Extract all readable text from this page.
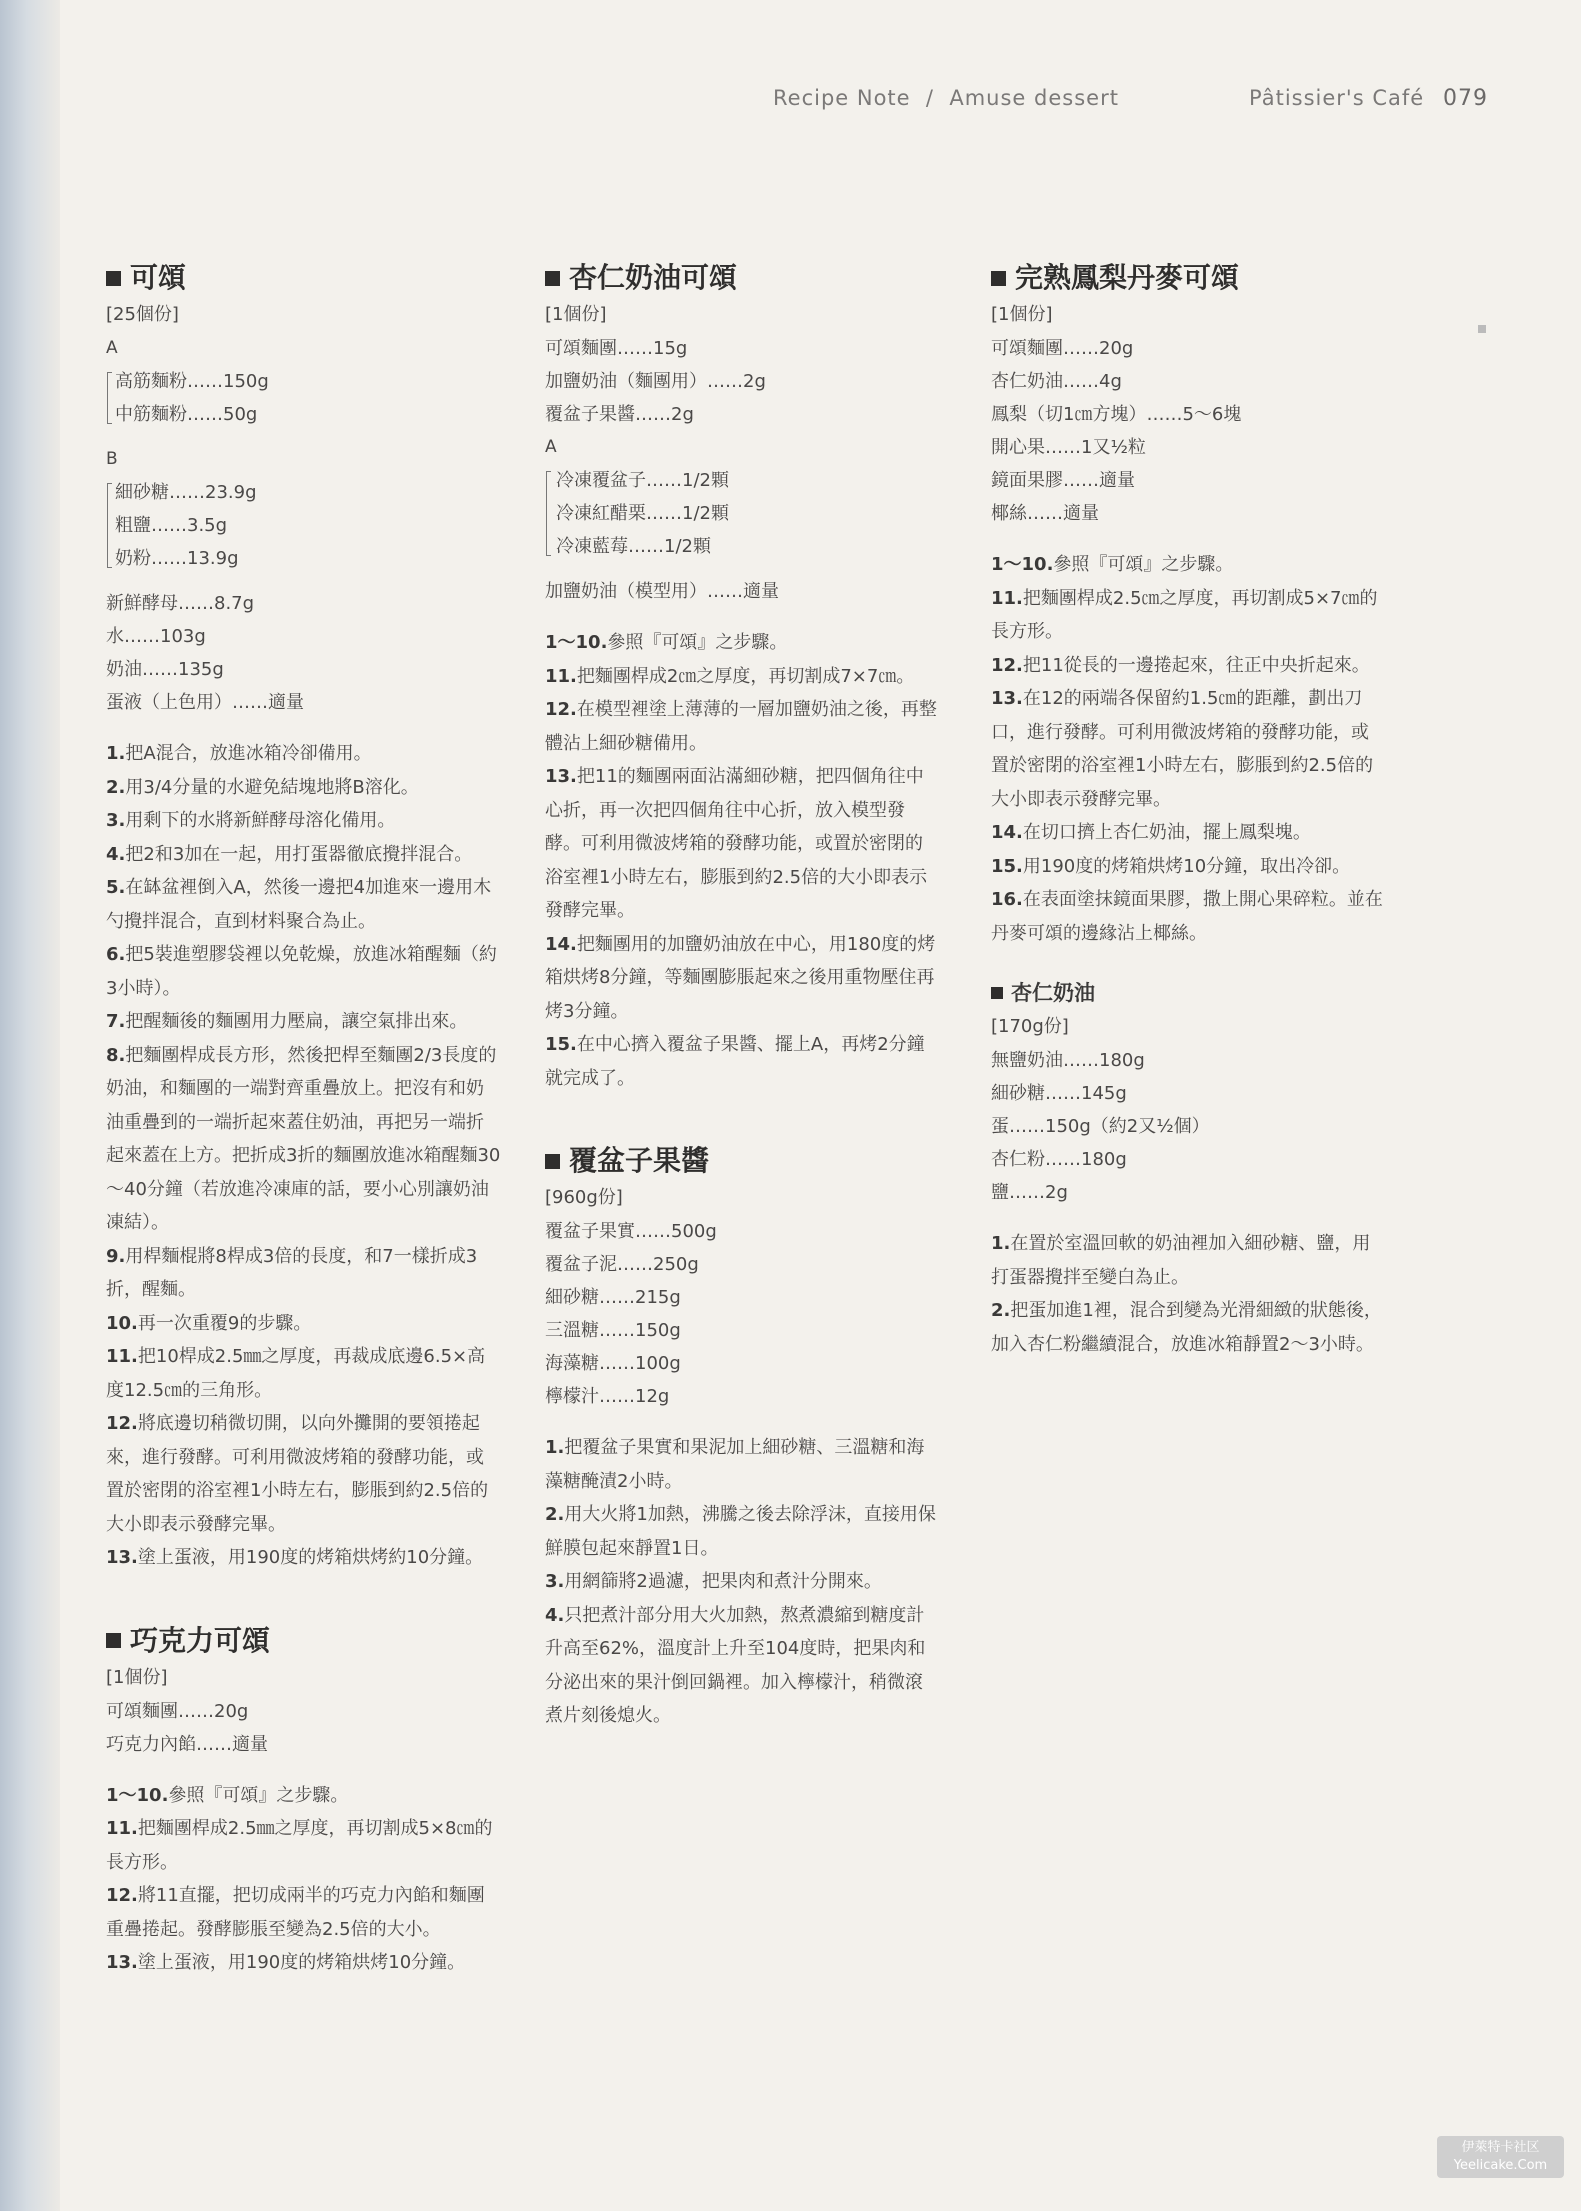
Recipe Note  /  Amuse dessert	Pâtissier's Café 079
可頌
[25個份]
A
高筋麵粉……150g
中筋麵粉……50g
B
細砂糖……23.9g
粗鹽……3.5g
奶粉……13.9g
新鮮酵母……8.7g
水……103g
奶油……135g
蛋液（上色用）……適量

1.把A混合，放進冰箱冷卻備用。

2.用3/4分量的水避免結塊地將B溶化。

3.用剩下的水將新鮮酵母溶化備用。

4.把2和3加在一起，用打蛋器徹底攪拌混合。

5.在缽盆裡倒入A，然後一邊把4加進來一邊用木勺攪拌混合，直到材料聚合為止。

6.把5裝進塑膠袋裡以免乾燥，放進冰箱醒麵（約3小時）。

7.把醒麵後的麵團用力壓扁，讓空氣排出來。

8.把麵團桿成長方形，然後把桿至麵團2/3長度的奶油，和麵團的一端對齊重疊放上。把沒有和奶油重疊到的一端折起來蓋住奶油，再把另一端折起來蓋在上方。把折成3折的麵團放進冰箱醒麵30～40分鐘（若放進冷凍庫的話，要小心別讓奶油凍結）。

9.用桿麵棍將8桿成3倍的長度，和7一樣折成3折，醒麵。

10.再一次重覆9的步驟。

11.把10桿成2.5㎜之厚度，再裁成底邊6.5×高度12.5㎝的三角形。

12.將底邊切稍微切開，以向外攤開的要領捲起來，進行發酵。可利用微波烤箱的發酵功能，或置於密閉的浴室裡1小時左右，膨脹到約2.5倍的大小即表示發酵完畢。

13.塗上蛋液，用190度的烤箱烘烤約10分鐘。

巧克力可頌
[1個份]
可頌麵團……20g
巧克力內餡……適量

1～10.參照『可頌』之步驟。

11.把麵團桿成2.5㎜之厚度，再切割成5×8㎝的長方形。

12.將11直擺，把切成兩半的巧克力內餡和麵團重疊捲起。發酵膨脹至變為2.5倍的大小。

13.塗上蛋液，用190度的烤箱烘烤10分鐘。

杏仁奶油可頌
[1個份]
可頌麵團……15g
加鹽奶油（麵團用）……2g
覆盆子果醬……2g
A
冷凍覆盆子……1/2顆
冷凍紅醋栗……1/2顆
冷凍藍莓……1/2顆
加鹽奶油（模型用）……適量

1～10.參照『可頌』之步驟。

11.把麵團桿成2㎝之厚度，再切割成7×7㎝。

12.在模型裡塗上薄薄的一層加鹽奶油之後，再整體沾上細砂糖備用。

13.把11的麵團兩面沾滿細砂糖，把四個角往中心折，再一次把四個角往中心折，放入模型發酵。可利用微波烤箱的發酵功能，或置於密閉的浴室裡1小時左右，膨脹到約2.5倍的大小即表示發酵完畢。

14.把麵團用的加鹽奶油放在中心，用180度的烤箱烘烤8分鐘，等麵團膨脹起來之後用重物壓住再烤3分鐘。

15.在中心擠入覆盆子果醬、擺上A，再烤2分鐘就完成了。

覆盆子果醬
[960g份]
覆盆子果實……500g
覆盆子泥……250g
細砂糖……215g
三溫糖……150g
海藻糖……100g
檸檬汁……12g

1.把覆盆子果實和果泥加上細砂糖、三溫糖和海藻糖醃漬2小時。

2.用大火將1加熱，沸騰之後去除浮沫，直接用保鮮膜包起來靜置1日。

3.用網篩將2過濾，把果肉和煮汁分開來。

4.只把煮汁部分用大火加熱，熬煮濃縮到糖度計升高至62%，溫度計上升至104度時，把果肉和分泌出來的果汁倒回鍋裡。加入檸檬汁，稍微滾煮片刻後熄火。

完熟鳳梨丹麥可頌
[1個份]
可頌麵團……20g
杏仁奶油……4g
鳳梨（切1㎝方塊）……5～6塊
開心果……1又½粒
鏡面果膠……適量
椰絲……適量

1～10.參照『可頌』之步驟。

11.把麵團桿成2.5㎝之厚度，再切割成5×7㎝的長方形。

12.把11從長的一邊捲起來，往正中央折起來。

13.在12的兩端各保留約1.5㎝的距離，劃出刀口，進行發酵。可利用微波烤箱的發酵功能，或置於密閉的浴室裡1小時左右，膨脹到約2.5倍的大小即表示發酵完畢。

14.在切口擠上杏仁奶油，擺上鳳梨塊。

15.用190度的烤箱烘烤10分鐘，取出冷卻。

16.在表面塗抹鏡面果膠，撒上開心果碎粒。並在丹麥可頌的邊緣沾上椰絲。

杏仁奶油
[170g份]
無鹽奶油……180g
細砂糖……145g
蛋……150g（約2又½個）
杏仁粉……180g
鹽……2g

1.在置於室溫回軟的奶油裡加入細砂糖、鹽，用打蛋器攪拌至變白為止。

2.把蛋加進1裡，混合到變為光滑細緻的狀態後，加入杏仁粉繼續混合，放進冰箱靜置2～3小時。

伊萊特卡社区
Yeelicake.Com
